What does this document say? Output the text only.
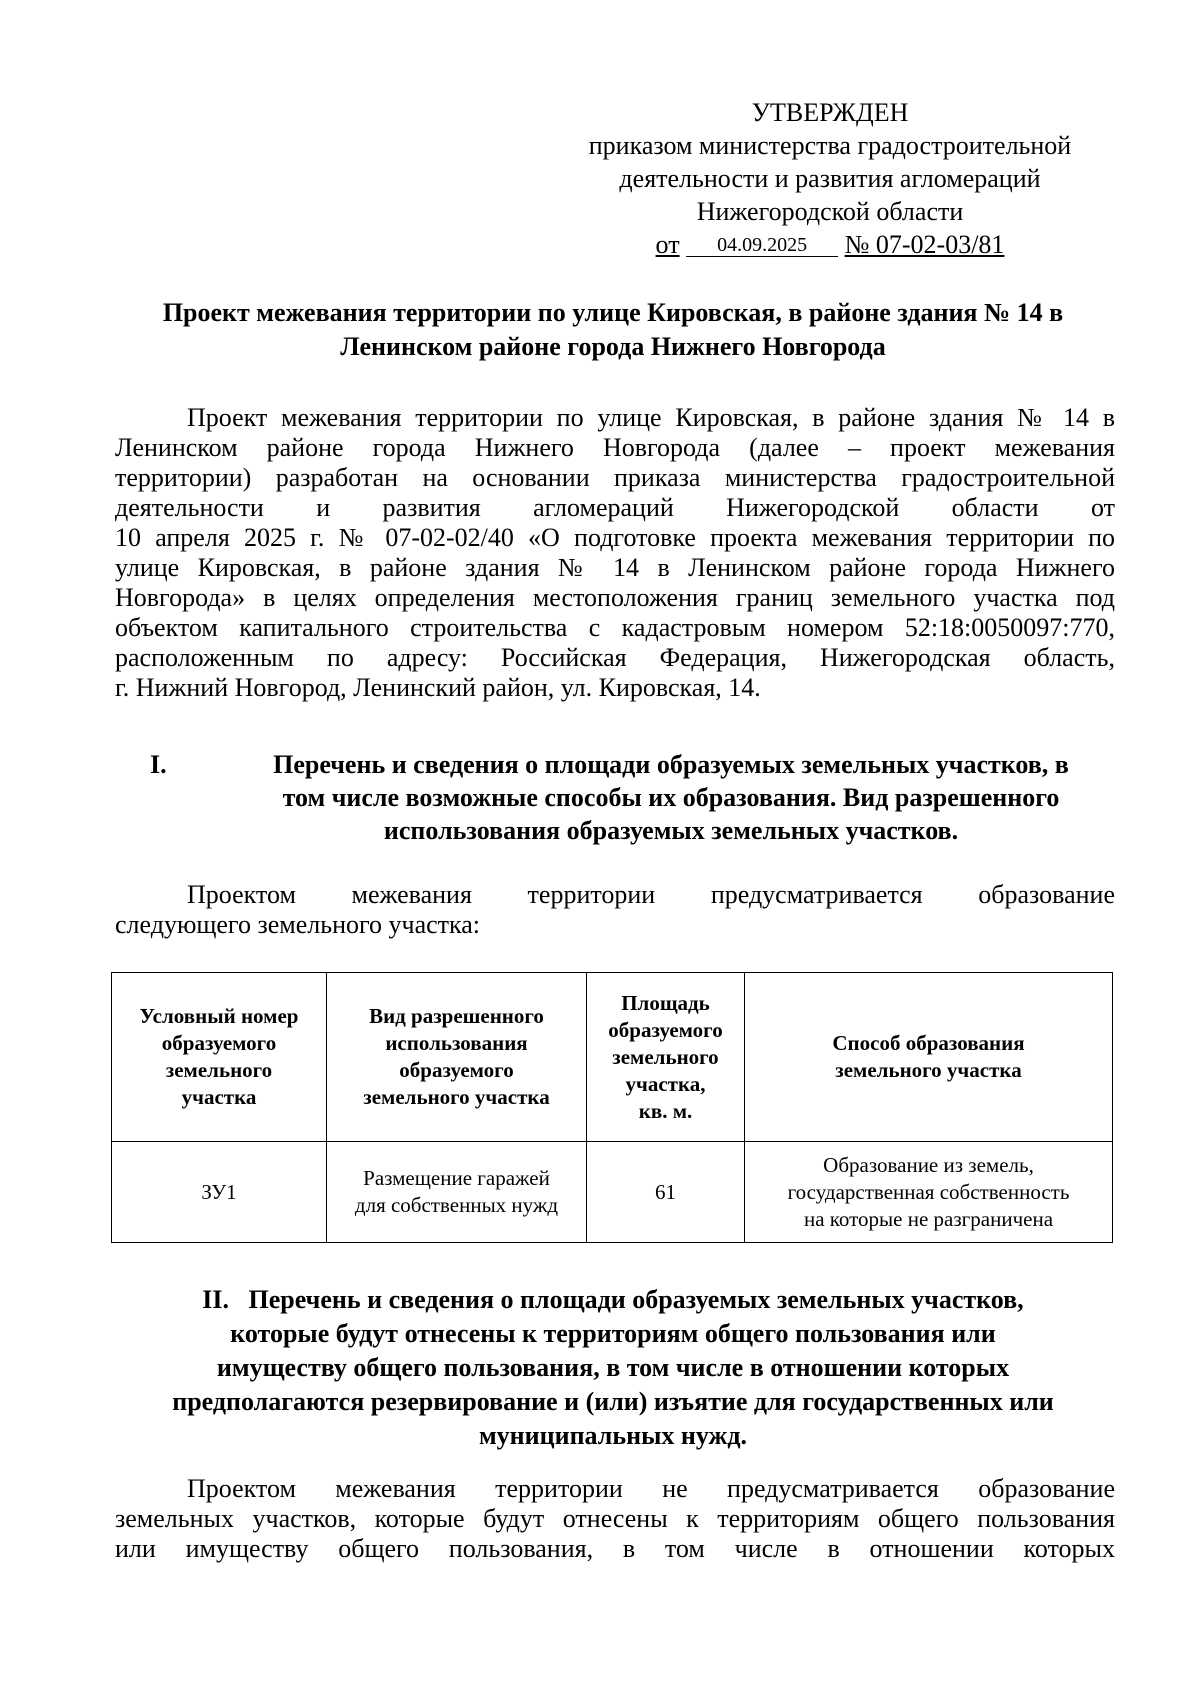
УТВЕРЖДЕН
приказом министерства градостроительной
деятельности и развития агломераций
Нижегородской области
от 04.09.2025 № 07-02-03/81
Проект межевания территории по улице Кировская, в районе здания № 14 в
Ленинском районе города Нижнего Новгорода
Проект межевания территории по улице Кировская, в районе здания № 14 в
Ленинском районе города Нижнего Новгорода (далее – проект межевания
территории) разработан на основании приказа министерства градостроительной
деятельности и развития агломераций Нижегородской области от
10 апреля 2025 г. № 07-02-02/40 «О подготовке проекта межевания территории по
улице Кировская, в районе здания № 14 в Ленинском районе города Нижнего
Новгорода» в целях определения местоположения границ земельного участка под
объектом капитального строительства с кадастровым номером 52:18:0050097:770,
расположенным по адресу: Российская Федерация, Нижегородская область,
г. Нижний Новгород, Ленинский район, ул. Кировская, 14.
I.	Перечень и сведения о площади образуемых земельных участков, в
том числе возможные способы их образования. Вид разрешенного
использования образуемых земельных участков.
Проектом межевания территории предусматривается образование
следующего земельного участка:
Условный номер
образуемого
земельного
участка	Вид разрешенного
использования
образуемого
земельного участка	Площадь
образуемого
земельного
участка,
кв. м.	Способ образования
земельного участка
ЗУ1	Размещение гаражей
для собственных нужд	61	Образование из земель,
государственная собственность
на которые не разграничена
II.   Перечень и сведения о площади образуемых земельных участков,
которые будут отнесены к территориям общего пользования или
имуществу общего пользования, в том числе в отношении которых
предполагаются резервирование и (или) изъятие для государственных или
муниципальных нужд.
Проектом межевания территории не предусматривается образование
земельных участков, которые будут отнесены к территориям общего пользования
или имуществу общего пользования, в том числе в отношении которых
